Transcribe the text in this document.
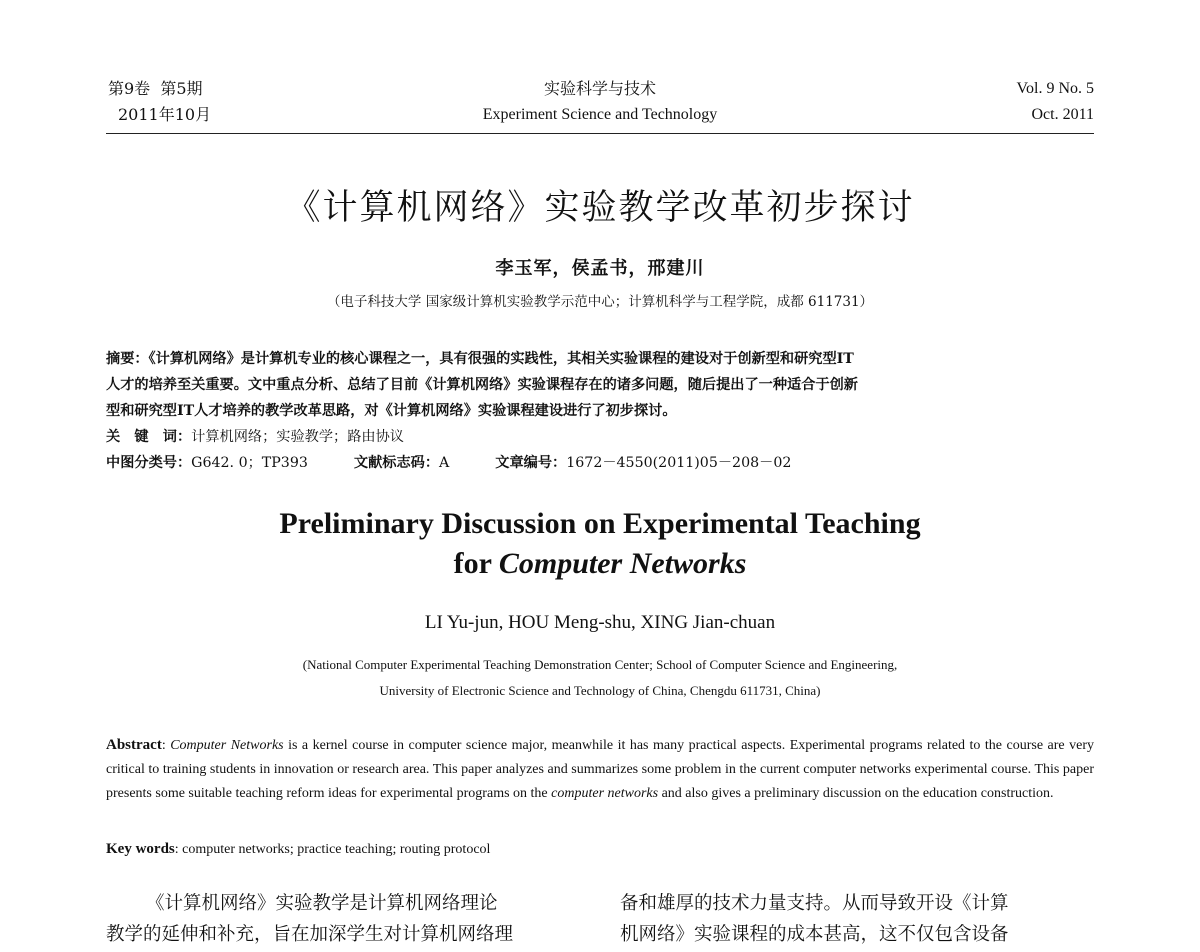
第9卷  第5期
2011年10月
实验科学与技术
Experiment Science and Technology
Vol. 9 No. 5
Oct. 2011
《计算机网络》实验教学改革初步探讨
李玉军，侯孟书，邢建川
（电子科技大学 国家级计算机实验教学示范中心；计算机科学与工程学院，成都 611731）
摘要：《计算机网络》是计算机专业的核心课程之一，具有很强的实践性，其相关实验课程的建设对于创新型和研究型IT
人才的培养至关重要。文中重点分析、总结了目前《计算机网络》实验课程存在的诸多问题，随后提出了一种适合于创新
型和研究型IT人才培养的教学改革思路，对《计算机网络》实验课程建设进行了初步探讨。
关　键　词：计算机网络；实验教学；路由协议
中图分类号：G642. 0；TP393	文献标志码：A	文章编号：1672－4550(2011)05－208－02
Preliminary Discussion on Experimental Teaching
for Computer Networks
LI Yu-jun, HOU Meng-shu, XING Jian-chuan
(National Computer Experimental Teaching Demonstration Center; School of Computer Science and Engineering,
University of Electronic Science and Technology of China, Chengdu 611731, China)
Abstract: Computer Networks is a kernel course in computer science major, meanwhile it has many practical aspects. Experimental programs related to the course are very critical to training students in innovation or research area. This paper analyzes and summarizes some problem in the current computer networks experimental course. This paper presents some suitable teaching reform ideas for experimental programs on the computer networks and also gives a preliminary discussion on the education construction.
Key words: computer networks; practice teaching; routing protocol
《计算机网络》实验教学是计算机网络理论
教学的延伸和补充，旨在加深学生对计算机网络理
备和雄厚的技术力量支持。从而导致开设《计算
机网络》实验课程的成本甚高，这不仅包含设备
